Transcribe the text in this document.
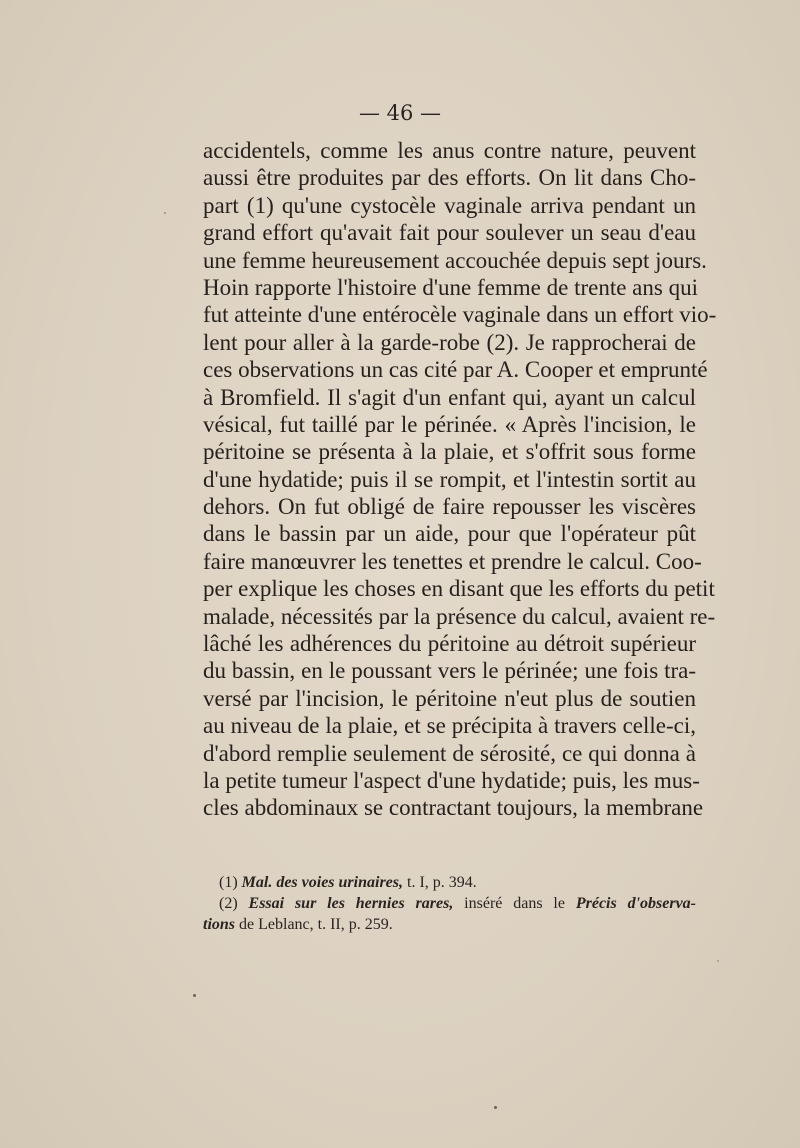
— 46 —
accidentels, comme les anus contre nature, peuvent
aussi être produites par des efforts. On lit dans Cho-
part (1) qu'une cystocèle vaginale arriva pendant un
grand effort qu'avait fait pour soulever un seau d'eau
une femme heureusement accouchée depuis sept jours.
Hoin rapporte l'histoire d'une femme de trente ans qui
fut atteinte d'une entérocèle vaginale dans un effort vio-
lent pour aller à la garde-robe (2). Je rapprocherai de
ces observations un cas cité par A. Cooper et emprunté
à Bromfield. Il s'agit d'un enfant qui, ayant un calcul
vésical, fut taillé par le périnée. « Après l'incision, le
péritoine se présenta à la plaie, et s'offrit sous forme
d'une hydatide; puis il se rompit, et l'intestin sortit au
dehors. On fut obligé de faire repousser les viscères
dans le bassin par un aide, pour que l'opérateur pût
faire manœuvrer les tenettes et prendre le calcul. Coo-
per explique les choses en disant que les efforts du petit
malade, nécessités par la présence du calcul, avaient re-
lâché les adhérences du péritoine au détroit supérieur
du bassin, en le poussant vers le périnée; une fois tra-
versé par l'incision, le péritoine n'eut plus de soutien
au niveau de la plaie, et se précipita à travers celle-ci,
d'abord remplie seulement de sérosité, ce qui donna à
la petite tumeur l'aspect d'une hydatide; puis, les mus-
cles abdominaux se contractant toujours, la membrane
(1) Mal. des voies urinaires, t. I, p. 394.
(2) Essai sur les hernies rares, inséré dans le Précis d'observa-
tions de Leblanc, t. II, p. 259.
